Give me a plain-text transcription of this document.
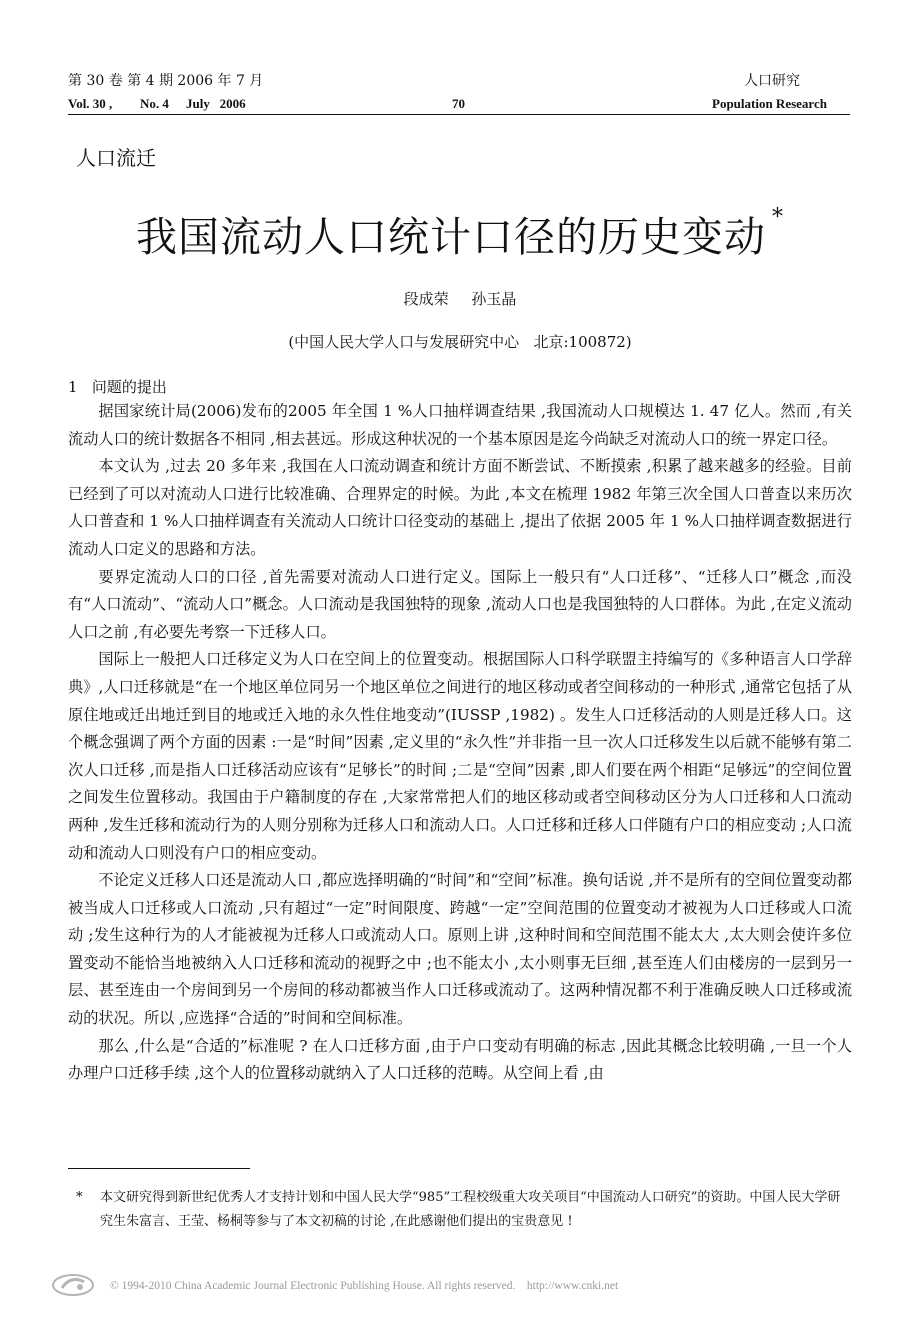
第 30 卷 第 4 期 2006 年 7 月	人口研究
Vol. 30 , No. 4 July   2006	70	Population Research
人口流迁
我国流动人口统计口径的历史变动 *
段成荣 孙玉晶
(中国人民大学人口与发展研究中心   北京:100872)
1   问题的提出

据国家统计局(2006)发布的2005 年全国 1 %人口抽样调查结果 ,我国流动人口规模达 1. 47 亿人。然而 ,有关流动人口的统计数据各不相同 ,相去甚远。形成这种状况的一个基本原因是迄今尚缺乏对流动人口的统一界定口径。

本文认为 ,过去 20 多年来 ,我国在人口流动调查和统计方面不断尝试、不断摸索 ,积累了越来越多的经验。目前已经到了可以对流动人口进行比较准确、合理界定的时候。为此 ,本文在梳理 1982 年第三次全国人口普查以来历次人口普查和 1 %人口抽样调查有关流动人口统计口径变动的基础上 ,提出了依据 2005 年 1 %人口抽样调查数据进行流动人口定义的思路和方法。

要界定流动人口的口径 ,首先需要对流动人口进行定义。国际上一般只有“人口迁移”、“迁移人口”概念 ,而没有“人口流动”、“流动人口”概念。人口流动是我国独特的现象 ,流动人口也是我国独特的人口群体。为此 ,在定义流动人口之前 ,有必要先考察一下迁移人口。

国际上一般把人口迁移定义为人口在空间上的位置变动。根据国际人口科学联盟主持编写的《多种语言人口学辞典》,人口迁移就是“在一个地区单位同另一个地区单位之间进行的地区移动或者空间移动的一种形式 ,通常它包括了从原住地或迁出地迁到目的地或迁入地的永久性住地变动”(IUSSP ,1982) 。发生人口迁移活动的人则是迁移人口。这个概念强调了两个方面的因素 :一是“时间”因素 ,定义里的“永久性”并非指一旦一次人口迁移发生以后就不能够有第二次人口迁移 ,而是指人口迁移活动应该有“足够长”的时间 ;二是“空间”因素 ,即人们要在两个相距“足够远”的空间位置之间发生位置移动。我国由于户籍制度的存在 ,大家常常把人们的地区移动或者空间移动区分为人口迁移和人口流动两种 ,发生迁移和流动行为的人则分别称为迁移人口和流动人口。人口迁移和迁移人口伴随有户口的相应变动 ;人口流动和流动人口则没有户口的相应变动。

不论定义迁移人口还是流动人口 ,都应选择明确的“时间”和“空间”标准。换句话说 ,并不是所有的空间位置变动都被当成人口迁移或人口流动 ,只有超过“一定”时间限度、跨越“一定”空间范围的位置变动才被视为人口迁移或人口流动 ;发生这种行为的人才能被视为迁移人口或流动人口。原则上讲 ,这种时间和空间范围不能太大 ,太大则会使许多位置变动不能恰当地被纳入人口迁移和流动的视野之中 ;也不能太小 ,太小则事无巨细 ,甚至连人们由楼房的一层到另一层、甚至连由一个房间到另一个房间的移动都被当作人口迁移或流动了。这两种情况都不利于准确反映人口迁移或流动的状况。所以 ,应选择“合适的”时间和空间标准。

那么 ,什么是“合适的”标准呢 ? 在人口迁移方面 ,由于户口变动有明确的标志 ,因此其概念比较明确 ,一旦一个人办理户口迁移手续 ,这个人的位置移动就纳入了人口迁移的范畴。从空间上看 ,由

* 本文研究得到新世纪优秀人才支持计划和中国人民大学“985”工程校级重大攻关项目“中国流动人口研究”的资助。中国人民大学研究生朱富言、王莹、杨桐等参与了本文初稿的讨论 ,在此感谢他们提出的宝贵意见 !
© 1994-2010 China Academic Journal Electronic Publishing House. All rights reserved.    http://www.cnki.net
